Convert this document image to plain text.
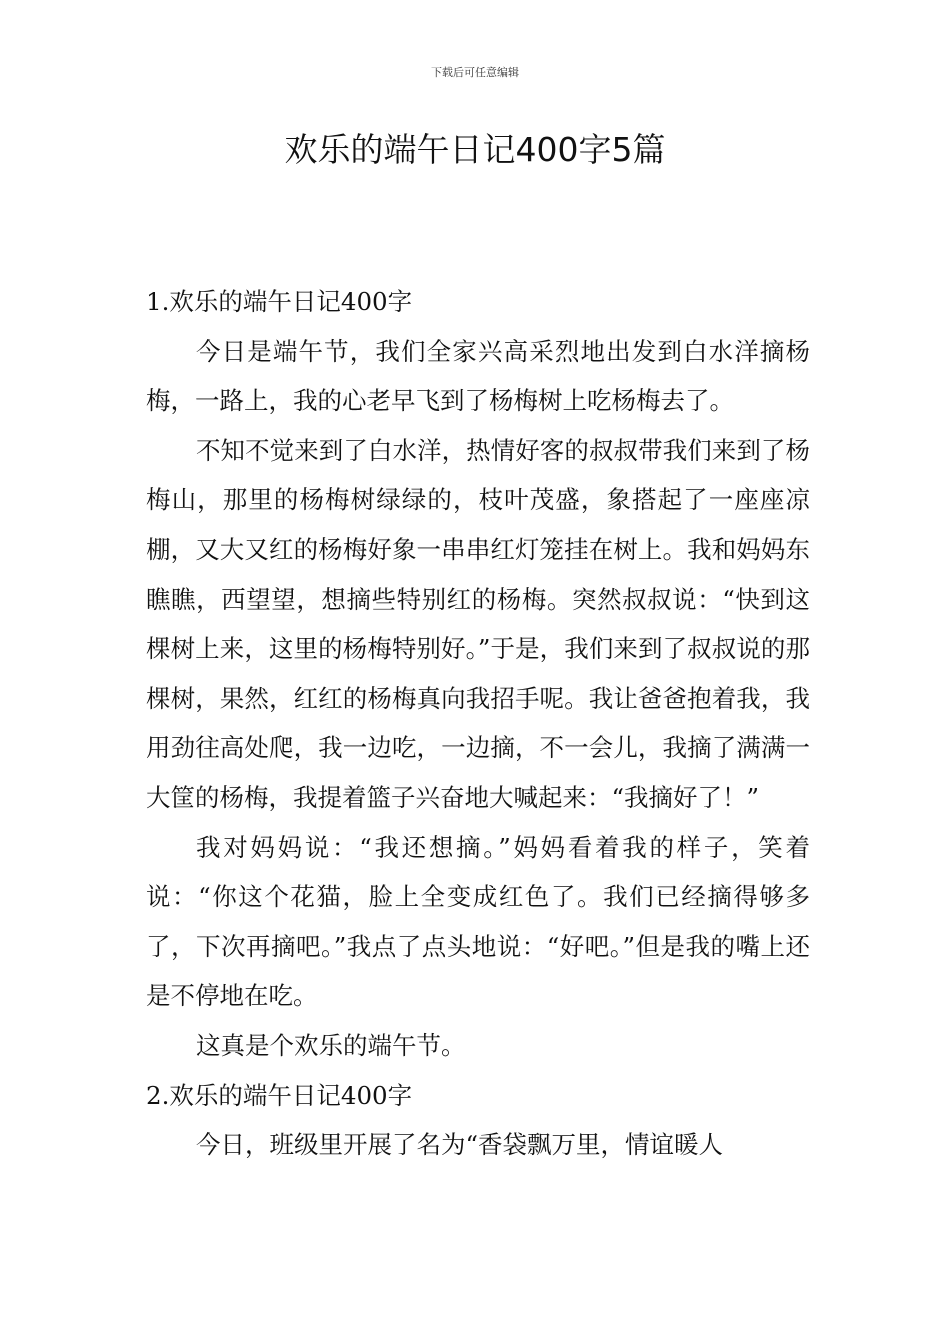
下载后可任意编辑
欢乐的端午日记400字5篇

1.欢乐的端午日记400字

今日是端午节，我们全家兴高采烈地出发到白水洋摘杨梅，一路上，我的心老早飞到了杨梅树上吃杨梅去了。

不知不觉来到了白水洋，热情好客的叔叔带我们来到了杨梅山，那里的杨梅树绿绿的，枝叶茂盛，象搭起了一座座凉棚，又大又红的杨梅好象一串串红灯笼挂在树上。我和妈妈东瞧瞧，西望望，想摘些特别红的杨梅。突然叔叔说：“快到这棵树上来，这里的杨梅特别好。”于是，我们来到了叔叔说的那棵树，果然，红红的杨梅真向我招手呢。我让爸爸抱着我，我用劲往高处爬，我一边吃，一边摘，不一会儿，我摘了满满一大筐的杨梅，我提着篮子兴奋地大喊起来：“我摘好了！”

我对妈妈说：“我还想摘。”妈妈看着我的样子，笑着说：“你这个花猫，脸上全变成红色了。我们已经摘得够多了，下次再摘吧。”我点了点头地说：“好吧。”但是我的嘴上还是不停地在吃。

这真是个欢乐的端午节。

2.欢乐的端午日记400字

今日，班级里开展了名为“香袋飘万里，情谊暖人
